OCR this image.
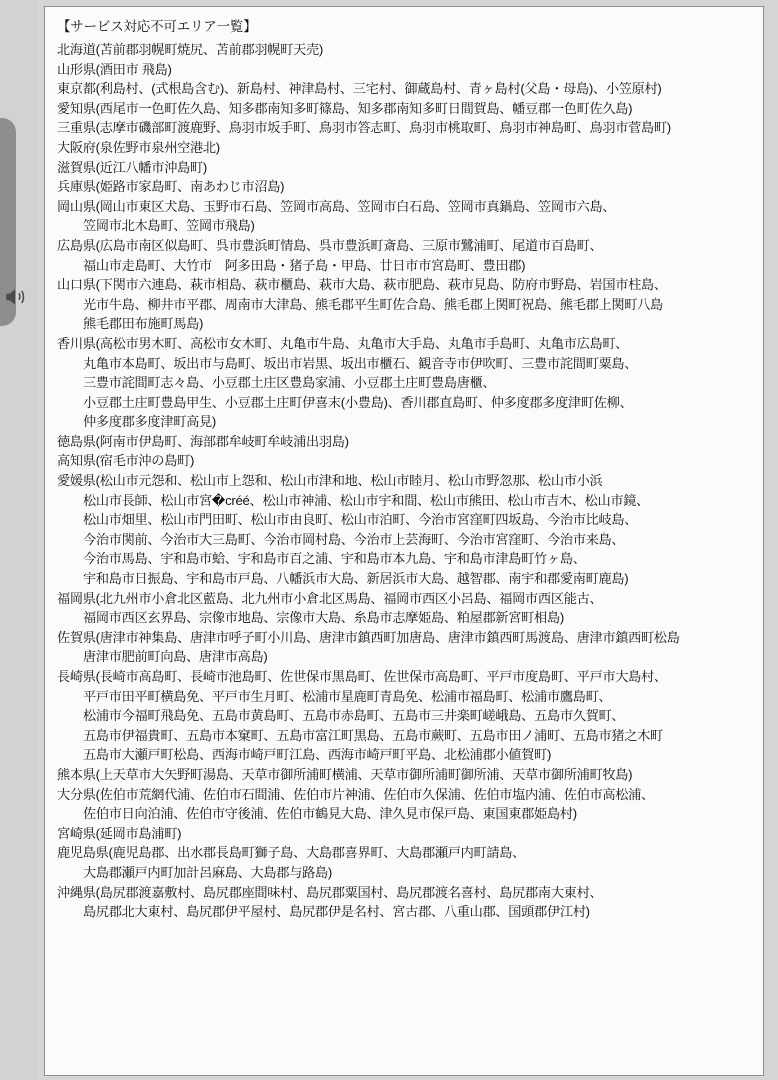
【サービス対応不可エリア一覧】
北海道(苫前郡羽幌町焼尻、苫前郡羽幌町天売)
山形県(酒田市 飛島)
東京都(利島村、(式根島含む)、新島村、神津島村、三宅村、御蔵島村、青ヶ島村(父島・母島)、小笠原村)
愛知県(西尾市一色町佐久島、知多郡南知多町篠島、知多郡南知多町日間賀島、幡豆郡一色町佐久島)
三重県(志摩市磯部町渡鹿野、鳥羽市坂手町、鳥羽市答志町、鳥羽市桃取町、鳥羽市神島町、鳥羽市菅島町)
大阪府(泉佐野市泉州空港北)
滋賀県(近江八幡市沖島町)
兵庫県(姫路市家島町、南あわじ市沼島)
岡山県(岡山市東区犬島、玉野市石島、笠岡市高島、笠岡市白石島、笠岡市真鍋島、笠岡市六島、
笠岡市北木島町、笠岡市飛島)
広島県(広島市南区似島町、呉市豊浜町情島、呉市豊浜町斎島、三原市鷺浦町、尾道市百島町、
福山市走島町、大竹市　阿多田島・猪子島・甲島、廿日市市宮島町、豊田郡)
山口県(下関市六連島、萩市相島、萩市櫃島、萩市大島、萩市肥島、萩市見島、防府市野島、岩国市柱島、
光市牛島、柳井市平郡、周南市大津島、熊毛郡平生町佐合島、熊毛郡上関町祝島、熊毛郡上関町八島
熊毛郡田布施町馬島)
香川県(高松市男木町、高松市女木町、丸亀市牛島、丸亀市大手島、丸亀市手島町、丸亀市広島町、
丸亀市本島町、坂出市与島町、坂出市岩黒、坂出市櫃石、観音寺市伊吹町、三豊市詫間町粟島、
三豊市詫間町志々島、小豆郡土庄区豊島家浦、小豆郡土庄町豊島唐櫃、
小豆郡土庄町豊島甲生、小豆郡土庄町伊喜末(小豊島)、香川郡直島町、仲多度郡多度津町佐柳、
仲多度郡多度津町高見)
徳島県(阿南市伊島町、海部郡牟岐町牟岐浦出羽島)
高知県(宿毛市沖の島町)
愛媛県(松山市元怨和、松山市上怨和、松山市津和地、松山市睦月、松山市野忽那、松山市小浜
松山市長師、松山市宮�créé、松山市神浦、松山市宇和間、松山市熊田、松山市吉木、松山市鏡、
松山市畑里、松山市門田町、松山市由良町、松山市泊町、今治市宮窪町四坂島、今治市比岐島、
今治市関前、今治市大三島町、今治市岡村島、今治市上芸海町、今治市宮窪町、今治市来島、
今治市馬島、宇和島市蛤、宇和島市百之浦、宇和島市本九島、宇和島市津島町竹ヶ島、
宇和島市日振島、宇和島市戸島、八幡浜市大島、新居浜市大島、越智郡、南宇和郡愛南町鹿島)
福岡県(北九州市小倉北区藍島、北九州市小倉北区馬島、福岡市西区小呂島、福岡市西区能古、
福岡市西区玄界島、宗像市地島、宗像市大島、糸島市志摩姫島、粕屋郡新宮町相島)
佐賀県(唐津市神集島、唐津市呼子町小川島、唐津市鎮西町加唐島、唐津市鎮西町馬渡島、唐津市鎮西町松島
唐津市肥前町向島、唐津市高島)
長崎県(長崎市高島町、長崎市池島町、佐世保市黒島町、佐世保市高島町、平戸市度島町、平戸市大島村、
平戸市田平町横島免、平戸市生月町、松浦市星鹿町青島免、松浦市福島町、松浦市鷹島町、
松浦市今福町飛島免、五島市黄島町、五島市赤島町、五島市三井楽町嵯峨島、五島市久賀町、
五島市伊福貴町、五島市本窠町、五島市富江町黒島、五島市蕨町、五島市田ノ浦町、五島市猪之木町
五島市大瀬戸町松島、西海市崎戸町江島、西海市崎戸町平島、北松浦郡小値賀町)
熊本県(上天草市大矢野町湯島、天草市御所浦町横浦、天草市御所浦町御所浦、天草市御所浦町牧島)
大分県(佐伯市荒網代浦、佐伯市石間浦、佐伯市片神浦、佐伯市久保浦、佐伯市塩内浦、佐伯市高松浦、
佐伯市日向泊浦、佐伯市守後浦、佐伯市鶴見大島、津久見市保戸島、東国東郡姫島村)
宮崎県(延岡市島浦町)
鹿児島県(鹿児島郡、出水郡長島町獅子島、大島郡喜界町、大島郡瀬戸内町請島、
大島郡瀬戸内町加計呂麻島、大島郡与路島)
沖縄県(島尻郡渡嘉敷村、島尻郡座間味村、島尻郡粟国村、島尻郡渡名喜村、島尻郡南大東村、
島尻郡北大東村、島尻郡伊平屋村、島尻郡伊是名村、宮古郡、八重山郡、国頭郡伊江村)
